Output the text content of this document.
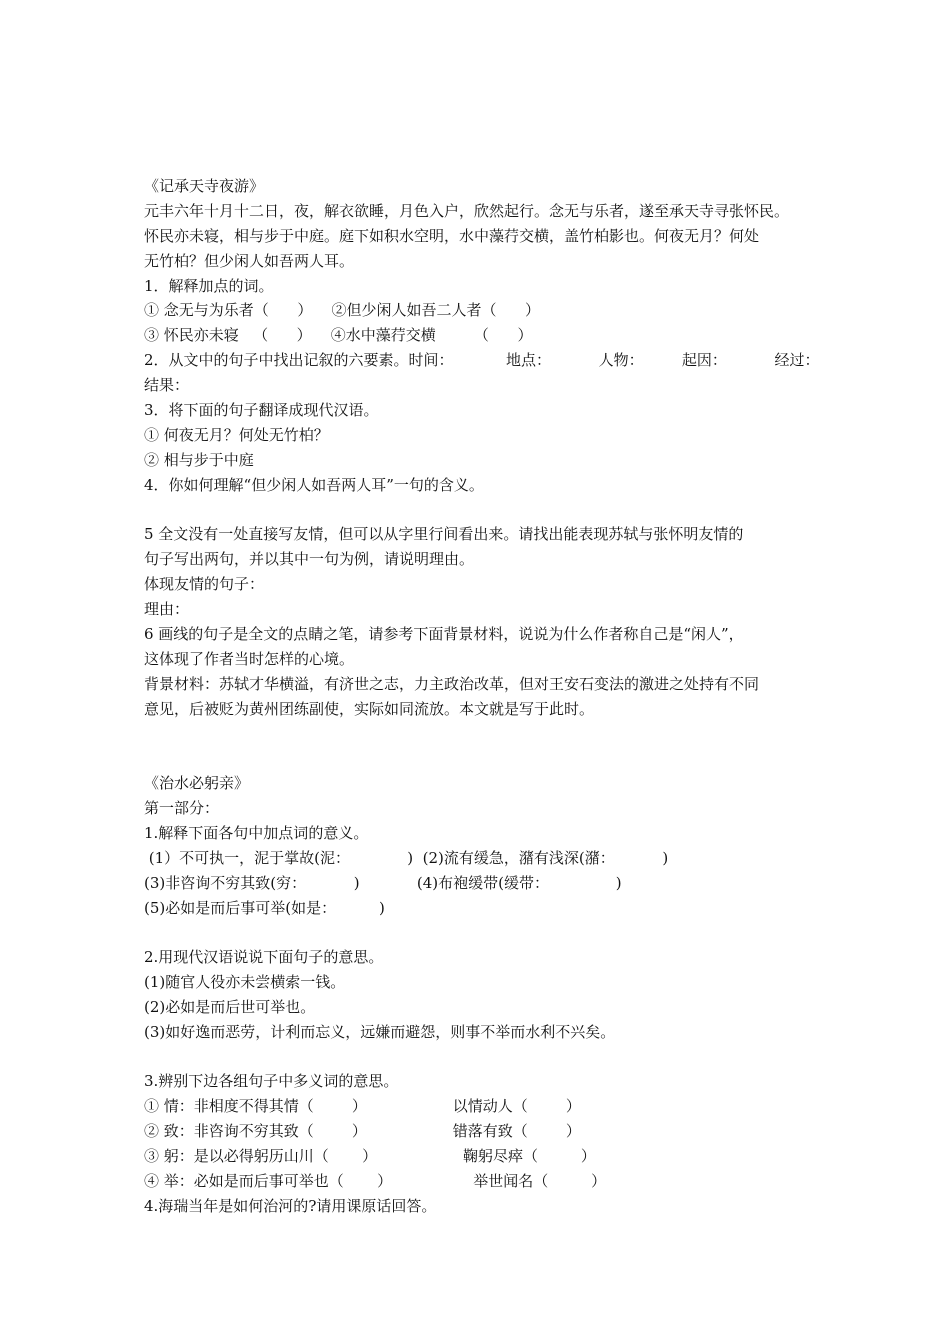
《记承天寺夜游》
元丰六年十月十二日，夜，解衣欲睡，月色入户，欣然起行。念无与乐者，遂至承天寺寻张怀民。
怀民亦未寝，相与步于中庭。庭下如积水空明，水中藻荇交横，盖竹柏影也。何夜无月？何处
无竹柏？但少闲人如吾两人耳。
1．解释加点的词。
① 念无与为乐者（      ）    ②但少闲人如吾二人者（      ）
③ 怀民亦未寝   （      ）    ④水中藻荇交横        （      ）
2．从文中的句子中找出记叙的六要素。时间：           地点：          人物：        起因：          经过：
结果：
3．将下面的句子翻译成现代汉语。
① 何夜无月？何处无竹柏？
② 相与步于中庭
4．你如何理解“但少闲人如吾两人耳”一句的含义。
5 全文没有一处直接写友情，但可以从字里行间看出来。请找出能表现苏轼与张怀明友情的
句子写出两句，并以其中一句为例，请说明理由。
体现友情的句子：
理由：
6 画线的句子是全文的点睛之笔，请参考下面背景材料，说说为什么作者称自己是“闲人”，
这体现了作者当时怎样的心境。
背景材料：苏轼才华横溢，有济世之志，力主政治改革，但对王安石变法的激进之处持有不同
意见，后被贬为黄州团练副使，实际如同流放。本文就是写于此时。
《治水必躬亲》
第一部分：
1.解释下面各句中加点词的意义。
(1）不可执一，泥于掌故(泥：            )  (2)流有缓急，潴有浅深(潴：          )
(3)非咨询不穷其致(穷：          )            (4)布袍缓带(缓带：              )
(5)必如是而后事可举(如是：         )
2.用现代汉语说说下面句子的意思。
(1)随官人役亦未尝横索一钱。
(2)必如是而后世可举也。
(3)如好逸而恶劳，计利而忘义，远嫌而避怨，则事不举而水利不兴矣。
3.辨别下边各组句子中多义词的意思。
① 情：非相度不得其情（        ）                  以情动人（        ）
② 致：非咨询不穷其致（        ）                  错落有致（        ）
③ 躬：是以必得躬历山川（       ）                  鞠躬尽瘁（         ）
④ 举：必如是而后事可举也（       ）                 举世闻名（         ）
4.海瑞当年是如何治河的?请用课原话回答。
